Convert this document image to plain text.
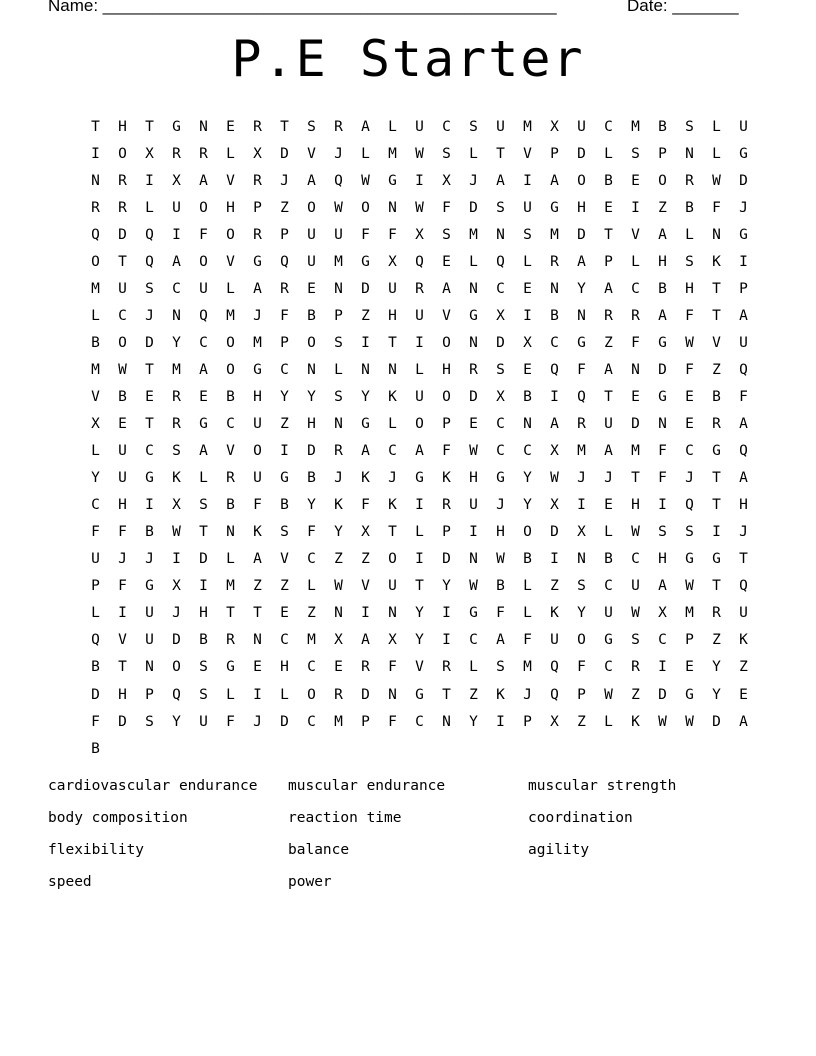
Name: ________________________________________________	Date: _______
P.E Starter
T	H	T	G	N	E	R	T	S	R	A	L	U	C	S	U	M	X	U	C	M	B	S	L	U
I	O	X	R	R	L	X	D	V	J	L	M	W	S	L	T	V	P	D	L	S	P	N	L	G
N	R	I	X	A	V	R	J	A	Q	W	G	I	X	J	A	I	A	O	B	E	O	R	W	D
R	R	L	U	O	H	P	Z	O	W	O	N	W	F	D	S	U	G	H	E	I	Z	B	F	J
Q	D	Q	I	F	O	R	P	U	U	F	F	X	S	M	N	S	M	D	T	V	A	L	N	G
O	T	Q	A	O	V	G	Q	U	M	G	X	Q	E	L	Q	L	R	A	P	L	H	S	K	I
M	U	S	C	U	L	A	R	E	N	D	U	R	A	N	C	E	N	Y	A	C	B	H	T	P
L	C	J	N	Q	M	J	F	B	P	Z	H	U	V	G	X	I	B	N	R	R	A	F	T	A
B	O	D	Y	C	O	M	P	O	S	I	T	I	O	N	D	X	C	G	Z	F	G	W	V	U
M	W	T	M	A	O	G	C	N	L	N	N	L	H	R	S	E	Q	F	A	N	D	F	Z	Q
V	B	E	R	E	B	H	Y	Y	S	Y	K	U	O	D	X	B	I	Q	T	E	G	E	B	F
X	E	T	R	G	C	U	Z	H	N	G	L	O	P	E	C	N	A	R	U	D	N	E	R	A
L	U	C	S	A	V	O	I	D	R	A	C	A	F	W	C	C	X	M	A	M	F	C	G	Q
Y	U	G	K	L	R	U	G	B	J	K	J	G	K	H	G	Y	W	J	J	T	F	J	T	A
C	H	I	X	S	B	F	B	Y	K	F	K	I	R	U	J	Y	X	I	E	H	I	Q	T	H
F	F	B	W	T	N	K	S	F	Y	X	T	L	P	I	H	O	D	X	L	W	S	S	I	J
U	J	J	I	D	L	A	V	C	Z	Z	O	I	D	N	W	B	I	N	B	C	H	G	G	T
P	F	G	X	I	M	Z	Z	L	W	V	U	T	Y	W	B	L	Z	S	C	U	A	W	T	Q
L	I	U	J	H	T	T	E	Z	N	I	N	Y	I	G	F	L	K	Y	U	W	X	M	R	U
Q	V	U	D	B	R	N	C	M	X	A	X	Y	I	C	A	F	U	O	G	S	C	P	Z	K
B	T	N	O	S	G	E	H	C	E	R	F	V	R	L	S	M	Q	F	C	R	I	E	Y	Z
D	H	P	Q	S	L	I	L	O	R	D	N	G	T	Z	K	J	Q	P	W	Z	D	G	Y	E
F	D	S	Y	U	F	J	D	C	M	P	F	C	N	Y	I	P	X	Z	L	K	W	W	D	A
B
cardiovascular endurance	muscular endurance	muscular strength
body composition	reaction time	coordination
flexibility	balance	agility
speed	power
